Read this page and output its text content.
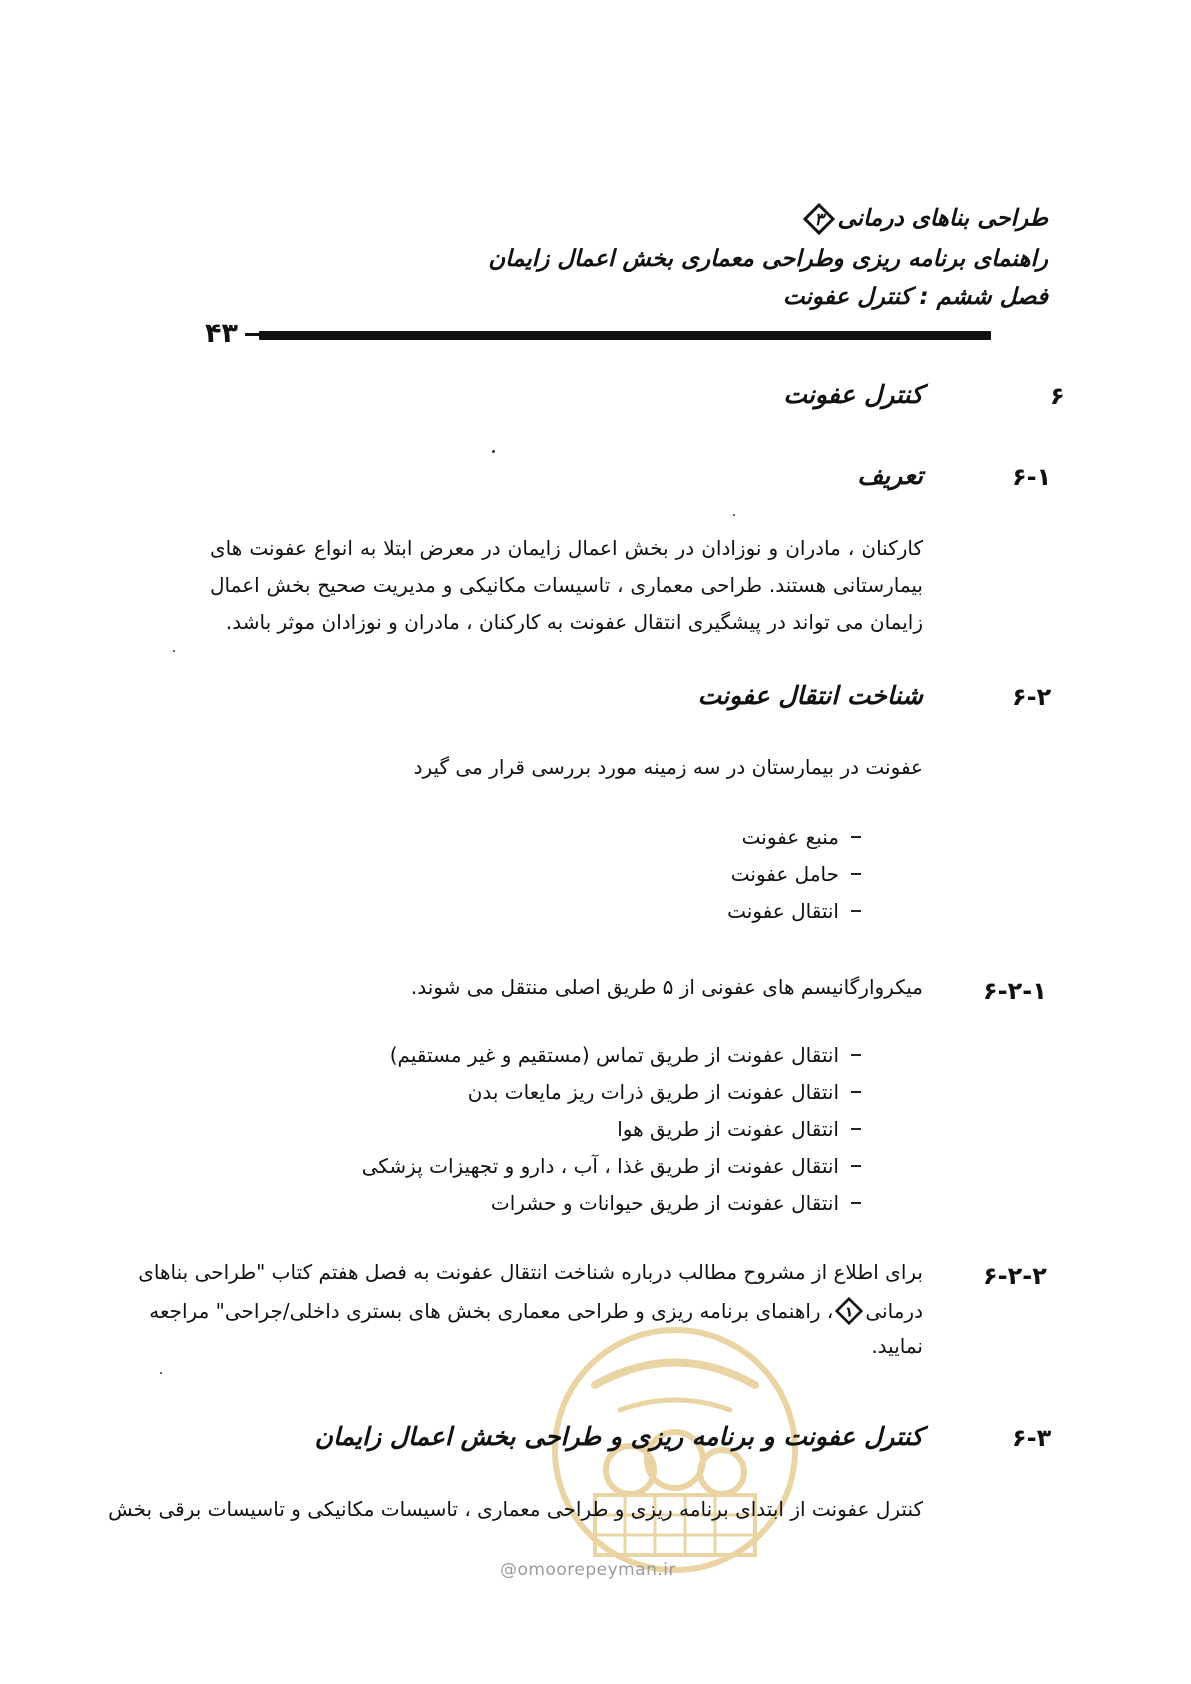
طراحی بناهای درمانی
۳
راهنمای برنامه ریزی وطراحی معماری بخش اعمال زایمان
فصل ششم : کنترل عفونت
۴۳
۶
کنترل عفونت
۶-۱
تعریف
کارکنان ، مادران و نوزادان در بخش اعمال زایمان در معرض ابتلا به انواع عفونت های بیمارستانی هستند. طراحی معماری ، تاسیسات مکانیکی و مدیریت صحیح بخش اعمال زایمان می تواند در پیشگیری انتقال عفونت به کارکنان ، مادران و نوزادان موثر باشد.
۶-۲
شناخت انتقال عفونت
عفونت در بیمارستان در سه زمینه مورد بررسی قرار می گیرد
منبع عفونت
حامل عفونت
انتقال عفونت
۶-۲-۱
میکروارگانیسم های عفونی از ۵ طریق اصلی منتقل می شوند.
انتقال عفونت از طریق تماس (مستقیم و غیر مستقیم)
انتقال عفونت از طریق ذرات ریز مایعات بدن
انتقال عفونت از طریق هوا
انتقال عفونت از طریق غذا ، آب ، دارو و تجهیزات پزشکی
انتقال عفونت از طریق حیوانات و حشرات
۶-۲-۲
برای اطلاع از مشروح مطالب درباره شناخت انتقال عفونت به فصل هفتم کتاب "طراحی بناهای
درمانی
۱
، راهنمای برنامه ریزی و طراحی معماری بخش های بستری داخلی/جراحی" مراجعه
نمایید.
۶-۳
کنترل عفونت و برنامه ریزی و طراحی بخش اعمال زایمان
کنترل عفونت از ابتدای برنامه ریزی و طراحی معماری ، تاسیسات مکانیکی و تاسیسات برقی بخش
@omoorepeyman.ir
